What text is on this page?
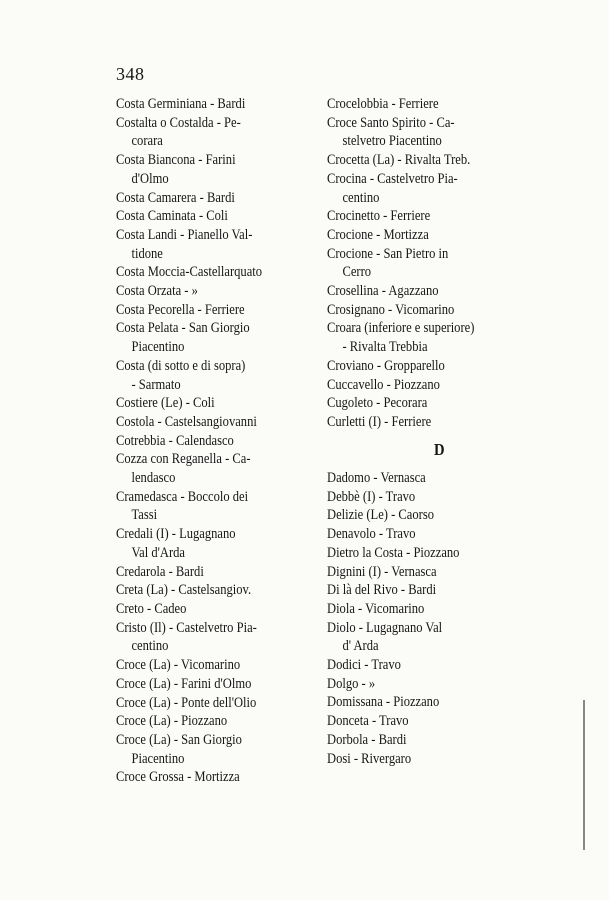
348
Costa Germiniana - Bardi
Costalta o Costalda - Pe-
corara
Costa Biancona - Farini
d'Olmo
Costa Camarera - Bardi
Costa Caminata - Coli
Costa Landi - Pianello Val-
tidone
Costa Moccia-Castellarquato
Costa Orzata - »
Costa Pecorella - Ferriere
Costa Pelata - San Giorgio
Piacentino
Costa (di sotto e di sopra)
- Sarmato
Costiere (Le) - Coli
Costola - Castelsangiovanni
Cotrebbia - Calendasco
Cozza con Reganella - Ca-
lendasco
Cramedasca - Boccolo dei
Tassi
Credali (I) - Lugagnano
Val d'Arda
Credarola - Bardi
Creta (La) - Castelsangiov.
Creto - Cadeo
Cristo (Il) - Castelvetro Pia-
centino
Croce (La) - Vicomarino
Croce (La) - Farini d'Olmo
Croce (La) - Ponte dell'Olio
Croce (La) - Piozzano
Croce (La) - San Giorgio
Piacentino
Croce Grossa - Mortizza
Crocelobbia - Ferriere
Croce Santo Spirito - Ca-
stelvetro Piacentino
Crocetta (La) - Rivalta Treb.
Crocina - Castelvetro Pia-
centino
Crocinetto - Ferriere
Crocione - Mortizza
Crocione - San Pietro in
Cerro
Crosellina - Agazzano
Crosignano - Vicomarino
Croara (inferiore e superiore)
- Rivalta Trebbia
Croviano - Gropparello
Cuccavello - Piozzano
Cugoleto - Pecorara
Curletti (I) - Ferriere
D
Dadomo - Vernasca
Debbè (I) - Travo
Delizie (Le) - Caorso
Denavolo - Travo
Dietro la Costa - Piozzano
Dignini (I) - Vernasca
Di là del Rivo - Bardi
Diola - Vicomarino
Diolo - Lugagnano Val
d' Arda
Dodici - Travo
Dolgo - »
Domissana - Piozzano
Donceta - Travo
Dorbola - Bardi
Dosi - Rivergaro
